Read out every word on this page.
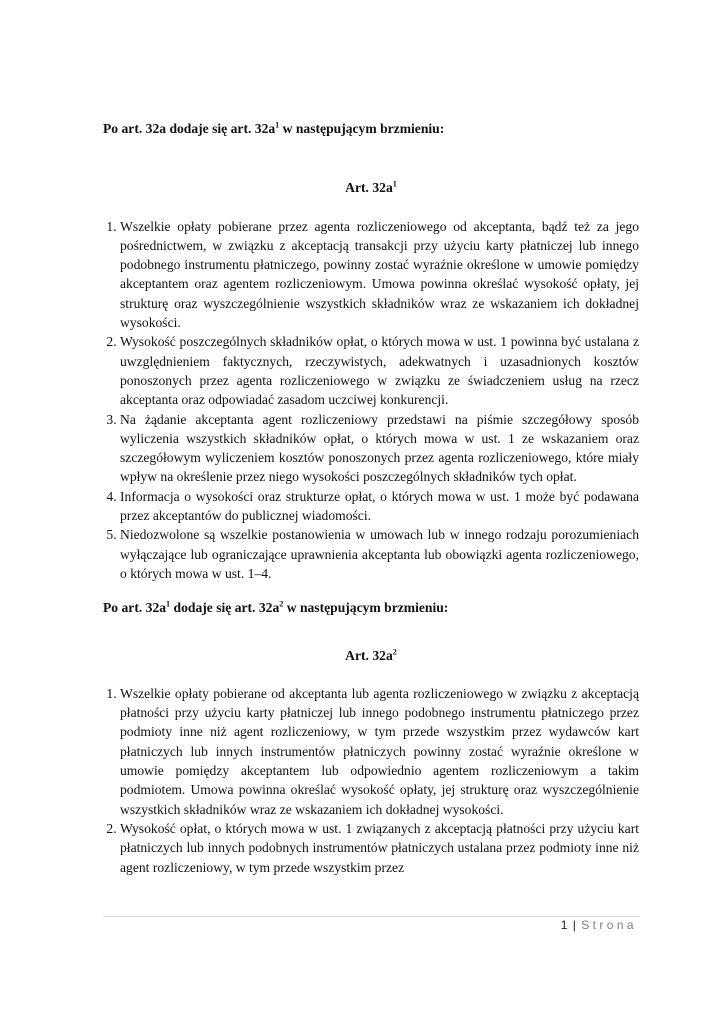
Po art. 32a dodaje się art. $32a^1$ w następującym brzmieniu:

Art. $32a^1$

1. Wszelkie opłaty pobierane przez agenta rozliczeniowego od akceptanta, bądź też za jego pośrednictwem, w związku z akceptacją transakcji przy użyciu karty płatniczej lub innego podobnego instrumentu płatniczego, powinny zostać wyraźnie określone w umowie pomiędzy akceptantem oraz agentem rozliczeniowym. Umowa powinna określać wysokość opłaty, jej strukturę oraz wyszczególnienie wszystkich składników wraz ze wskazaniem ich dokładnej wysokości.
2. Wysokość poszczególnych składników opłat, o których mowa w ust. 1 powinna być ustalana z uwzględnieniem faktycznych, rzeczywistych, adekwatnych i uzasadnionych kosztów ponoszonych przez agenta rozliczeniowego w związku ze świadczeniem usług na rzecz akceptanta oraz odpowiadać zasadom uczciwej konkurencji.
3. Na żądanie akceptanta agent rozliczeniowy przedstawi na piśmie szczegółowy sposób wyliczenia wszystkich składników opłat, o których mowa w ust. 1 ze wskazaniem oraz szczegółowym wyliczeniem kosztów ponoszonych przez agenta rozliczeniowego, które miały wpływ na określenie przez niego wysokości poszczególnych składników tych opłat.
4. Informacja o wysokości oraz strukturze opłat, o których mowa w ust. 1 może być podawana przez akceptantów do publicznej wiadomości.
5. Niedozwolone są wszelkie postanowienia w umowach lub w innego rodzaju porozumieniach wyłączające lub ograniczające uprawnienia akceptanta lub obowiązki agenta rozliczeniowego, o których mowa w ust. 1–4.

Po art. $32a^1$ dodaje się art. $32a^2$ w następującym brzmieniu:

Art. $32a^2$

1. Wszelkie opłaty pobierane od akceptanta lub agenta rozliczeniowego w związku z akceptacją płatności przy użyciu karty płatniczej lub innego podobnego instrumentu płatniczego przez podmioty inne niż agent rozliczeniowy, w tym przede wszystkim przez wydawców kart płatniczych lub innych instrumentów płatniczych powinny zostać wyraźnie określone w umowie pomiędzy akceptantem lub odpowiednio agentem rozliczeniowym a takim podmiotem. Umowa powinna określać wysokość opłaty, jej strukturę oraz wyszczególnienie wszystkich składników wraz ze wskazaniem ich dokładnej wysokości.
2. Wysokość opłat, o których mowa w ust. 1 związanych z akceptacją płatności przy użyciu kart płatniczych lub innych podobnych instrumentów płatniczych ustalana przez podmioty inne niż agent rozliczeniowy, w tym przede wszystkim przez
1 | Strona
